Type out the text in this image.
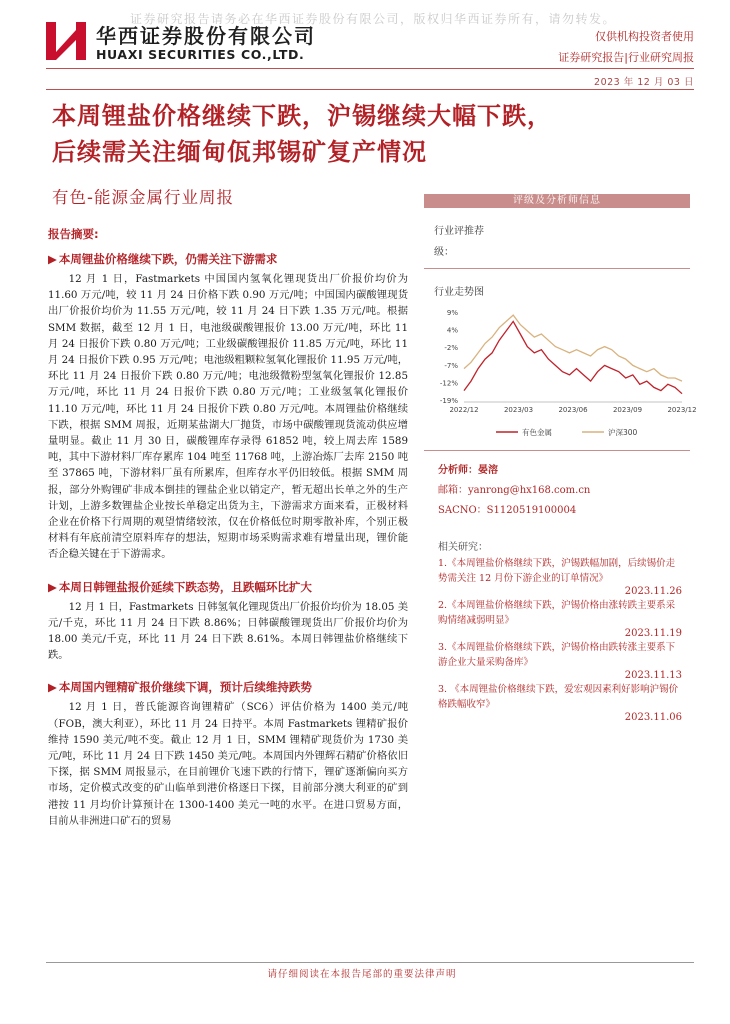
证券研究报告请务必在华西证券股份有限公司，版权归华西证券所有，请勿转发。
华西证券股份有限公司
HUAXI SECURITIES CO.,LTD.
仅供机构投资者使用
证券研究报告|行业研究周报
2023 年 12 月 03 日
本周锂盐价格继续下跌，沪锡继续大幅下跌，
后续需关注缅甸佤邦锡矿复产情况
有色-能源金属行业周报
报告摘要:
▶ 本周锂盐价格继续下跌，仍需关注下游需求

12 月 1 日，Fastmarkets 中国国内氢氧化锂现货出厂价报价均价为 11.60 万元/吨，较 11 月 24 日价格下跌 0.90 万元/吨；中国国内碳酸锂现货出厂价报价均价为 11.55 万元/吨，较 11 月 24 日下跌 1.35 万元/吨。根据 SMM 数据，截至 12 月 1 日，电池级碳酸锂报价 13.00 万元/吨，环比 11 月 24 日报价下跌 0.80 万元/吨；工业级碳酸锂报价 11.85 万元/吨，环比 11 月 24 日报价下跌 0.95 万元/吨；电池级粗颗粒氢氧化锂报价 11.95 万元/吨，环比 11 月 24 日报价下跌 0.80 万元/吨；电池级微粉型氢氧化锂报价 12.85 万元/吨，环比 11 月 24 日报价下跌 0.80 万元/吨；工业级氢氧化锂报价 11.10 万元/吨，环比 11 月 24 日报价下跌 0.80 万元/吨。本周锂盐价格继续下跌，根据 SMM 周报，近期某盐湖大厂抛货，市场中碳酸锂现货流动供应增量明显。截止 11 月 30 日，碳酸锂库存录得 61852 吨，较上周去库 1589 吨，其中下游材料厂库存累库 104 吨至 11768 吨，上游冶炼厂去库 2150 吨至 37865 吨，下游材料厂虽有所累库，但库存水平仍旧较低。根据 SMM 周报，部分外购锂矿非成本倒挂的锂盐企业以销定产，暂无超出长单之外的生产计划，上游多数锂盐企业按长单稳定出货为主，下游需求方面来看，正极材料企业在价格下行周期的观望情绪较浓，仅在价格低位时期零散补库，个别正极材料有年底前清空原料库存的想法，短期市场采购需求难有增量出现，锂价能否企稳关键在于下游需求。

▶ 本周日韩锂盐报价延续下跌态势，且跌幅环比扩大

12 月 1 日，Fastmarkets 日韩氢氧化锂现货出厂价报价均价为 18.05 美元/千克，环比 11 月 24 日下跌 8.86%；日韩碳酸锂现货出厂价报价均价为 18.00 美元/千克，环比 11 月 24 日下跌 8.61%。本周日韩锂盐价格继续下跌。

▶ 本周国内锂精矿报价继续下调，预计后续维持跌势

12 月 1 日，普氏能源咨询锂精矿（SC6）评估价格为 1400 美元/吨（FOB，澳大利亚），环比 11 月 24 日持平。本周 Fastmarkets 锂精矿报价维持 1590 美元/吨不变。截止 12 月 1 日，SMM 锂精矿现货价为 1730 美元/吨，环比 11 月 24 日下跌 1450 美元/吨。本周国内外锂辉石精矿价格依旧下探，据 SMM 周报显示，在目前锂价飞速下跌的行情下，锂矿逐渐偏向买方市场，定价模式改变的矿山临单到港价格逐日下探，目前部分澳大利亚的矿到港按 11 月均价计算预计在 1300-1400 美元一吨的水平。在进口贸易方面，目前从非洲进口矿石的贸易

评级及分析师信息
行业评推荐
级：
行业走势图
9%
4%
-2%
-7%
-12%
-19%
2022/12	2023/03	2023/06	2023/09	2023/12
有色金属	沪深300
分析师：晏溶
邮箱：yanrong@hx168.com.cn
SACNO：S1120519100004
相关研究：
1.《本周锂盐价格继续下跌，沪锡跌幅加剧，后续锡价走势需关注 12 月份下游企业的订单情况》
2023.11.26
2.《本周锂盐价格继续下跌，沪锡价格由涨转跌主要系采购情绪减弱明显》
2023.11.19
3.《本周锂盐价格继续下跌，沪锡价格由跌转涨主要系下游企业大量采购备库》
2023.11.13
3. 《本周锂盐价格继续下跌，爱宏观因素利好影响沪锡价格跌幅收窄》
2023.11.06
请仔细阅读在本报告尾部的重要法律声明
